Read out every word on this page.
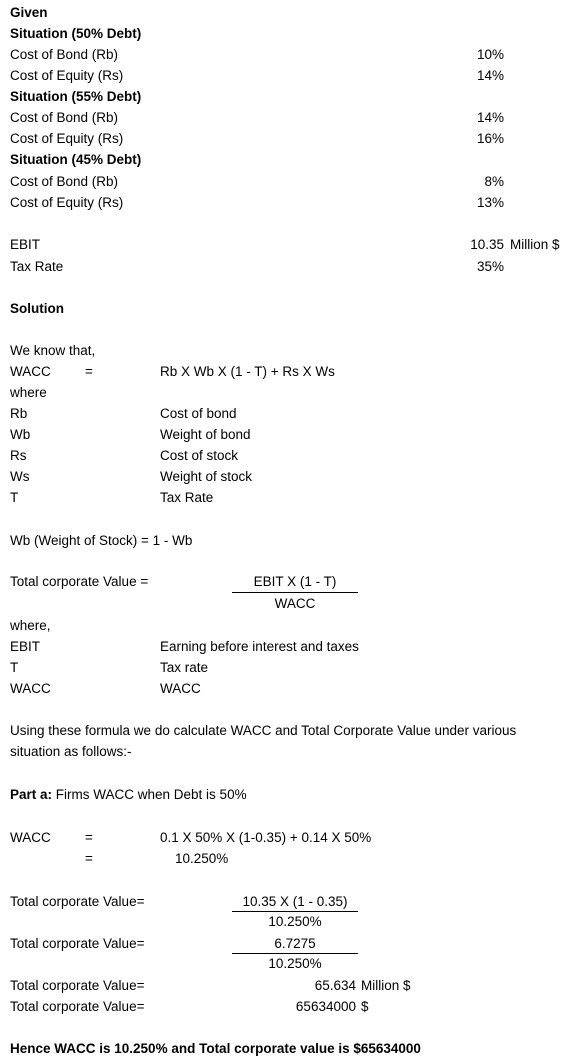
Given
Situation (50% Debt)
Cost of Bond (Rb)	10%
Cost of Equity (Rs)	14%
Situation (55% Debt)
Cost of Bond (Rb)	14%
Cost of Equity (Rs)	16%
Situation (45% Debt)
Cost of Bond (Rb)	8%
Cost of Equity (Rs)	13%
EBIT	10.35 Million $
Tax Rate	35%
Solution
We know that,
WACC	=	Rb X Wb X (1 - T) + Rs X Ws
where
Rb	Cost of bond
Wb	Weight of bond
Rs	Cost of stock
Ws	Weight of stock
T	Tax Rate
Wb (Weight of Stock) = 1 - Wb
Total corporate Value =	EBIT X (1 - T)
WACC
where,
EBIT	Earning before interest and taxes
T	Tax rate
WACC	WACC
Using these formula we do calculate WACC and Total Corporate Value under various
situation as follows:-
Part a: Firms WACC when Debt is 50%
WACC	=	0.1 X 50% X (1-0.35) + 0.14 X 50%
=	10.250%
Total corporate Value=	10.35 X (1 - 0.35)
10.250%
Total corporate Value=	6.7275
10.250%
Total corporate Value=	65.634 Million $
Total corporate Value=	65634000 $
Hence WACC is 10.250% and Total corporate value is $65634000
